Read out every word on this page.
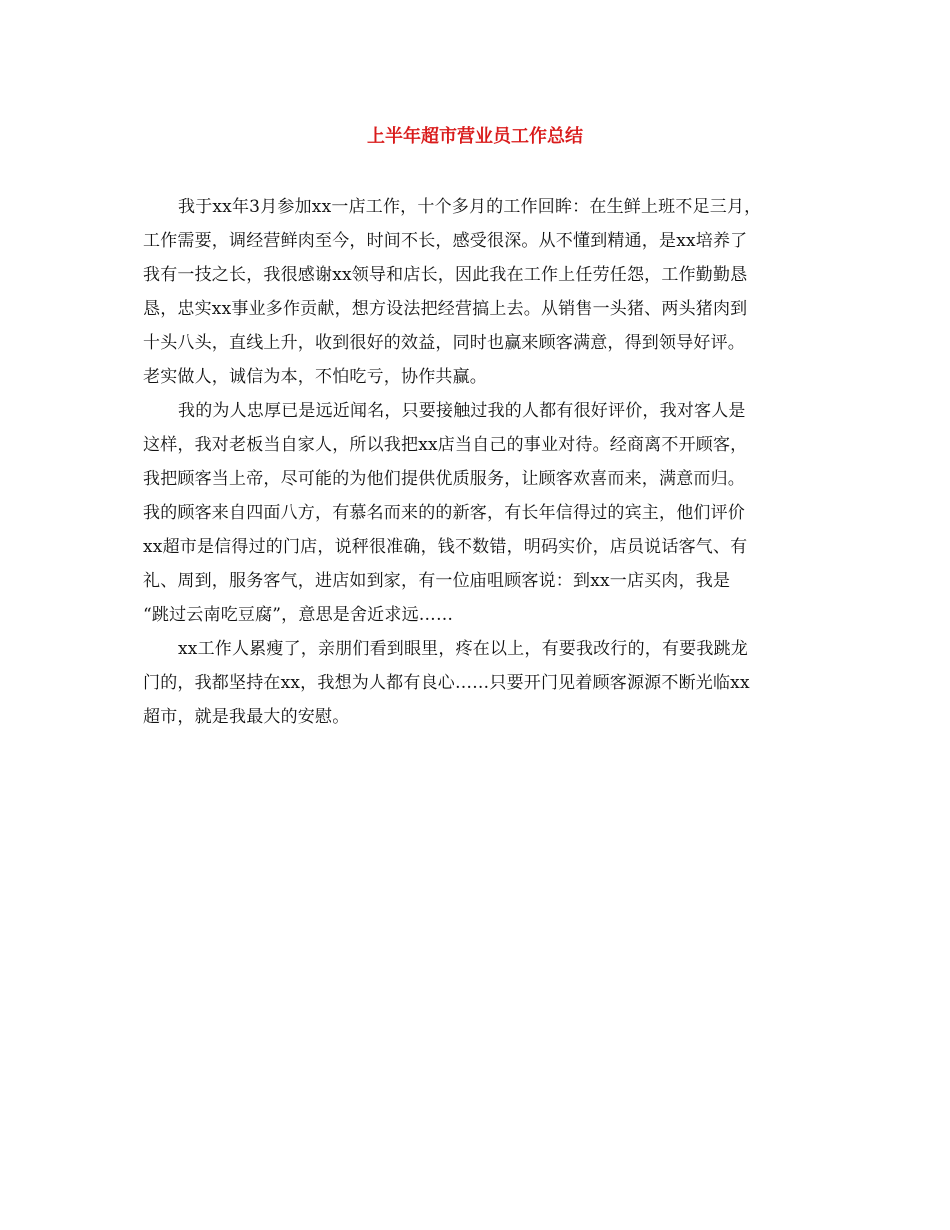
上半年超市营业员工作总结
我于xx年3月参加xx一店工作，十个多月的工作回眸：在生鲜上班不足三月，
工作需要，调经营鲜肉至今，时间不长，感受很深。从不懂到精通，是xx培养了
我有一技之长，我很感谢xx领导和店长，因此我在工作上任劳任怨，工作勤勤恳
恳，忠实xx事业多作贡献，想方设法把经营搞上去。从销售一头猪、两头猪肉到
十头八头，直线上升，收到很好的效益，同时也赢来顾客满意，得到领导好评。
老实做人，诚信为本，不怕吃亏，协作共赢。
我的为人忠厚已是远近闻名，只要接触过我的人都有很好评价，我对客人是
这样，我对老板当自家人，所以我把xx店当自己的事业对待。经商离不开顾客，
我把顾客当上帝，尽可能的为他们提供优质服务，让顾客欢喜而来，满意而归。
我的顾客来自四面八方，有慕名而来的的新客，有长年信得过的宾主，他们评价
xx超市是信得过的门店，说秤很准确，钱不数错，明码实价，店员说话客气、有
礼、周到，服务客气，进店如到家，有一位庙咀顾客说：到xx一店买肉，我是
“跳过云南吃豆腐”，意思是舍近求远……
xx工作人累瘦了，亲朋们看到眼里，疼在以上，有要我改行的，有要我跳龙
门的，我都坚持在xx，我想为人都有良心……只要开门见着顾客源源不断光临xx
超市，就是我最大的安慰。
